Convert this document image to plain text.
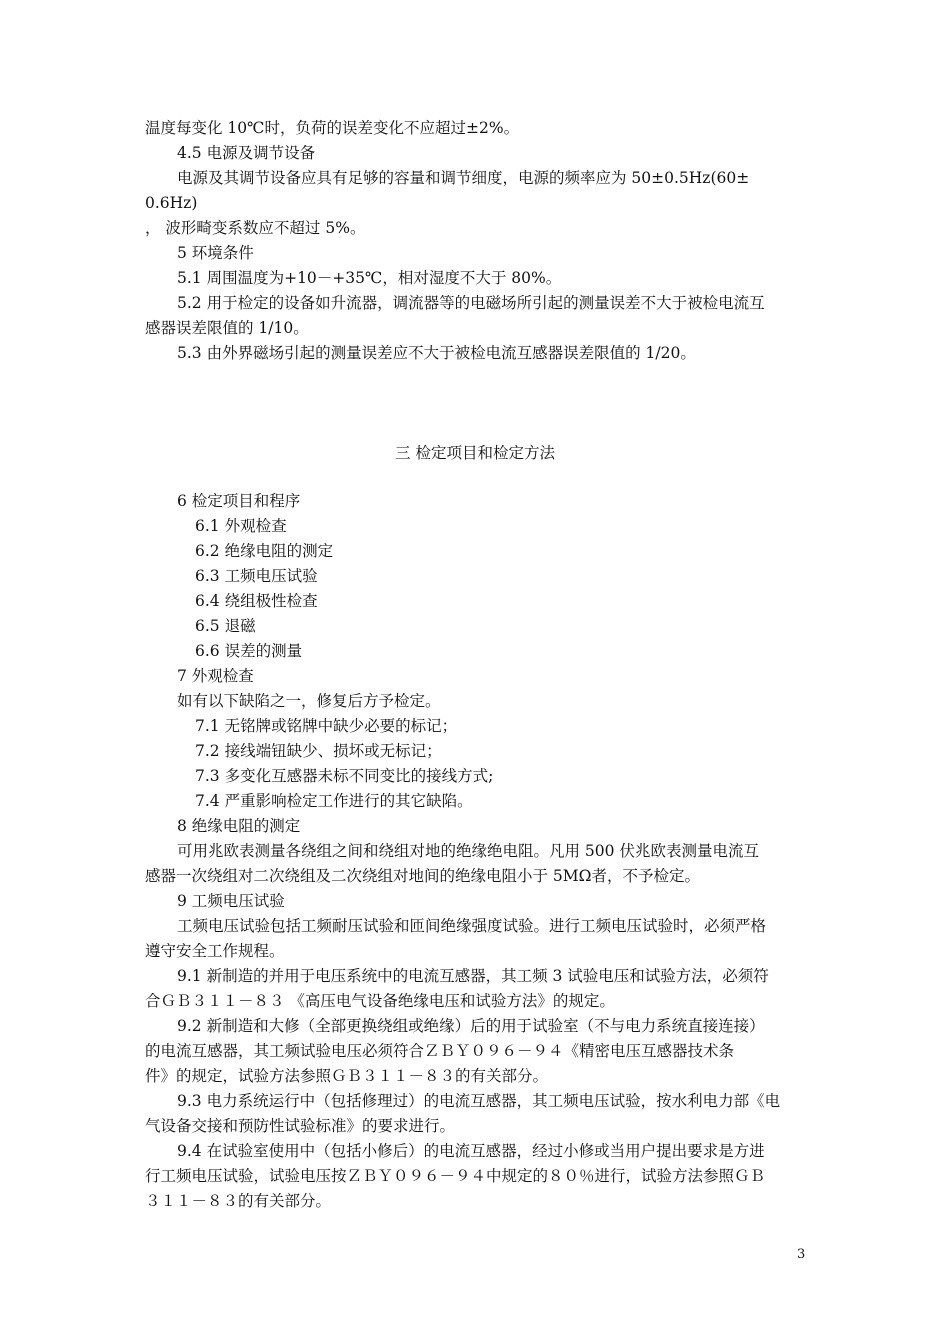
温度每变化 10℃时，负荷的误差变化不应超过±2%。
4.5 电源及调节设备
电源及其调节设备应具有足够的容量和调节细度，电源的频率应为 50±0.5Hz(60±
0.6Hz)
， 波形畸变系数应不超过 5%。
5 环境条件
5.1 周围温度为+10－+35℃，相对湿度不大于 80%。
5.2 用于检定的设备如升流器，调流器等的电磁场所引起的测量误差不大于被检电流互
感器误差限值的 1/10。
5.3 由外界磁场引起的测量误差应不大于被检电流互感器误差限值的 1/20。
三 检定项目和检定方法
6 检定项目和程序
6.1 外观检查
6.2 绝缘电阻的测定
6.3 工频电压试验
6.4 绕组极性检查
6.5 退磁
6.6 误差的测量
7 外观检查
如有以下缺陷之一，修复后方予检定。
7.1 无铭牌或铭牌中缺少必要的标记；
7.2 接线端钮缺少、损坏或无标记；
7.3 多变化互感器未标不同变比的接线方式;
7.4 严重影响检定工作进行的其它缺陷。
8 绝缘电阻的测定
可用兆欧表测量各绕组之间和绕组对地的绝缘绝电阻。凡用 500 伏兆欧表测量电流互
感器一次绕组对二次绕组及二次绕组对地间的绝缘电阻小于 5MΩ者，不予检定。
9 工频电压试验
工频电压试验包括工频耐压试验和匝间绝缘强度试验。进行工频电压试验时，必须严格
遵守安全工作规程。
9.1 新制造的并用于电压系统中的电流互感器，其工频 3 试验电压和试验方法，必须符
合ＧＢ３１１－８３ 《高压电气设备绝缘电压和试验方法》的规定。
9.2 新制造和大修（全部更换绕组或绝缘）后的用于试验室（不与电力系统直接连接）
的电流互感器，其工频试验电压必须符合ＺＢＹ０９６－９４《精密电压互感器技术条
件》的规定，试验方法参照ＧＢ３１１－８３的有关部分。
9.3 电力系统运行中（包括修理过）的电流互感器，其工频电压试验，按水利电力部《电
气设备交接和预防性试验标准》的要求进行。
9.4 在试验室使用中（包括小修后）的电流互感器，经过小修或当用户提出要求是方进
行工频电压试验，试验电压按ＺＢＹ０９６－９４中规定的８０％进行，试验方法参照ＧＢ
３１１－８３的有关部分。
3
